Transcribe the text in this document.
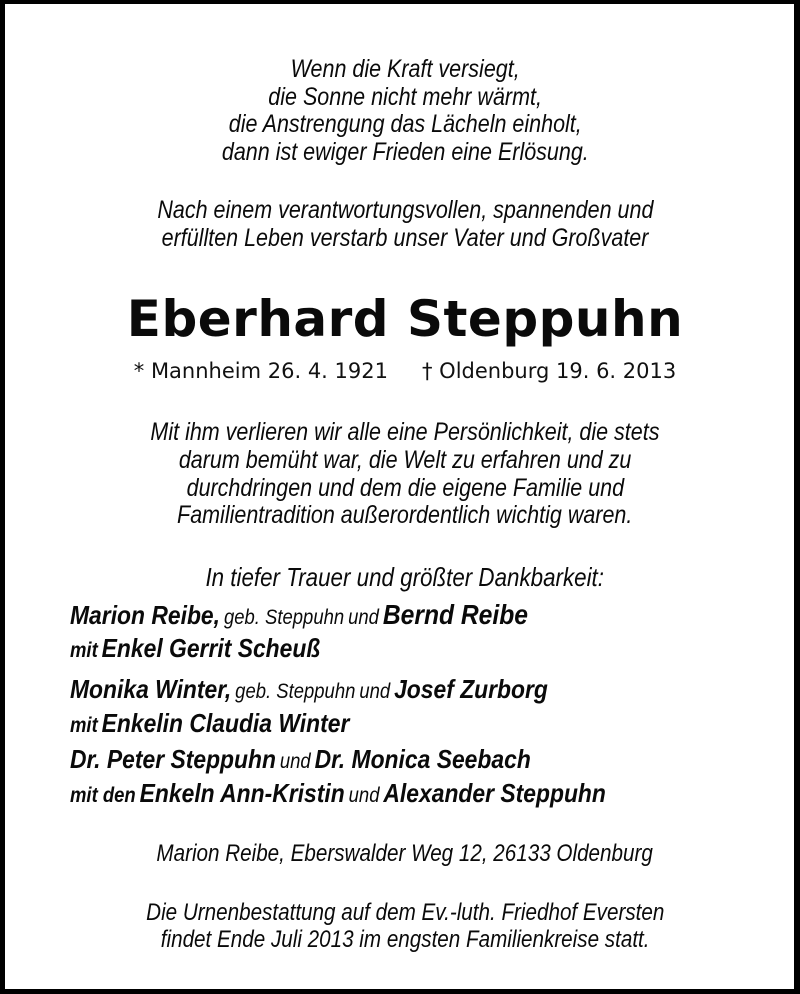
Wenn die Kraft versiegt,
die Sonne nicht mehr wärmt,
die Anstrengung das Lächeln einholt,
dann ist ewiger Frieden eine Erlösung.
Nach einem verantwortungsvollen, spannenden und
erfüllten Leben verstarb unser Vater und Großvater
Eberhard Steppuhn
* Mannheim 26. 4. 1921 † Oldenburg 19. 6. 2013
Mit ihm verlieren wir alle eine Persönlichkeit, die stets
darum bemüht war, die Welt zu erfahren und zu
durchdringen und dem die eigene Familie und
Familientradition außerordentlich wichtig waren.
In tiefer Trauer und größter Dankbarkeit:
Marion Reibe, geb. Steppuhn und Bernd Reibe
mit Enkel Gerrit Scheuß
Monika Winter, geb. Steppuhn und Josef Zurborg
mit Enkelin Claudia Winter
Dr. Peter Steppuhn und Dr. Monica Seebach
mit den Enkeln Ann-Kristin und Alexander Steppuhn
Marion Reibe, Eberswalder Weg 12, 26133 Oldenburg
Die Urnenbestattung auf dem Ev.-luth. Friedhof Eversten
findet Ende Juli 2013 im engsten Familienkreise statt.
